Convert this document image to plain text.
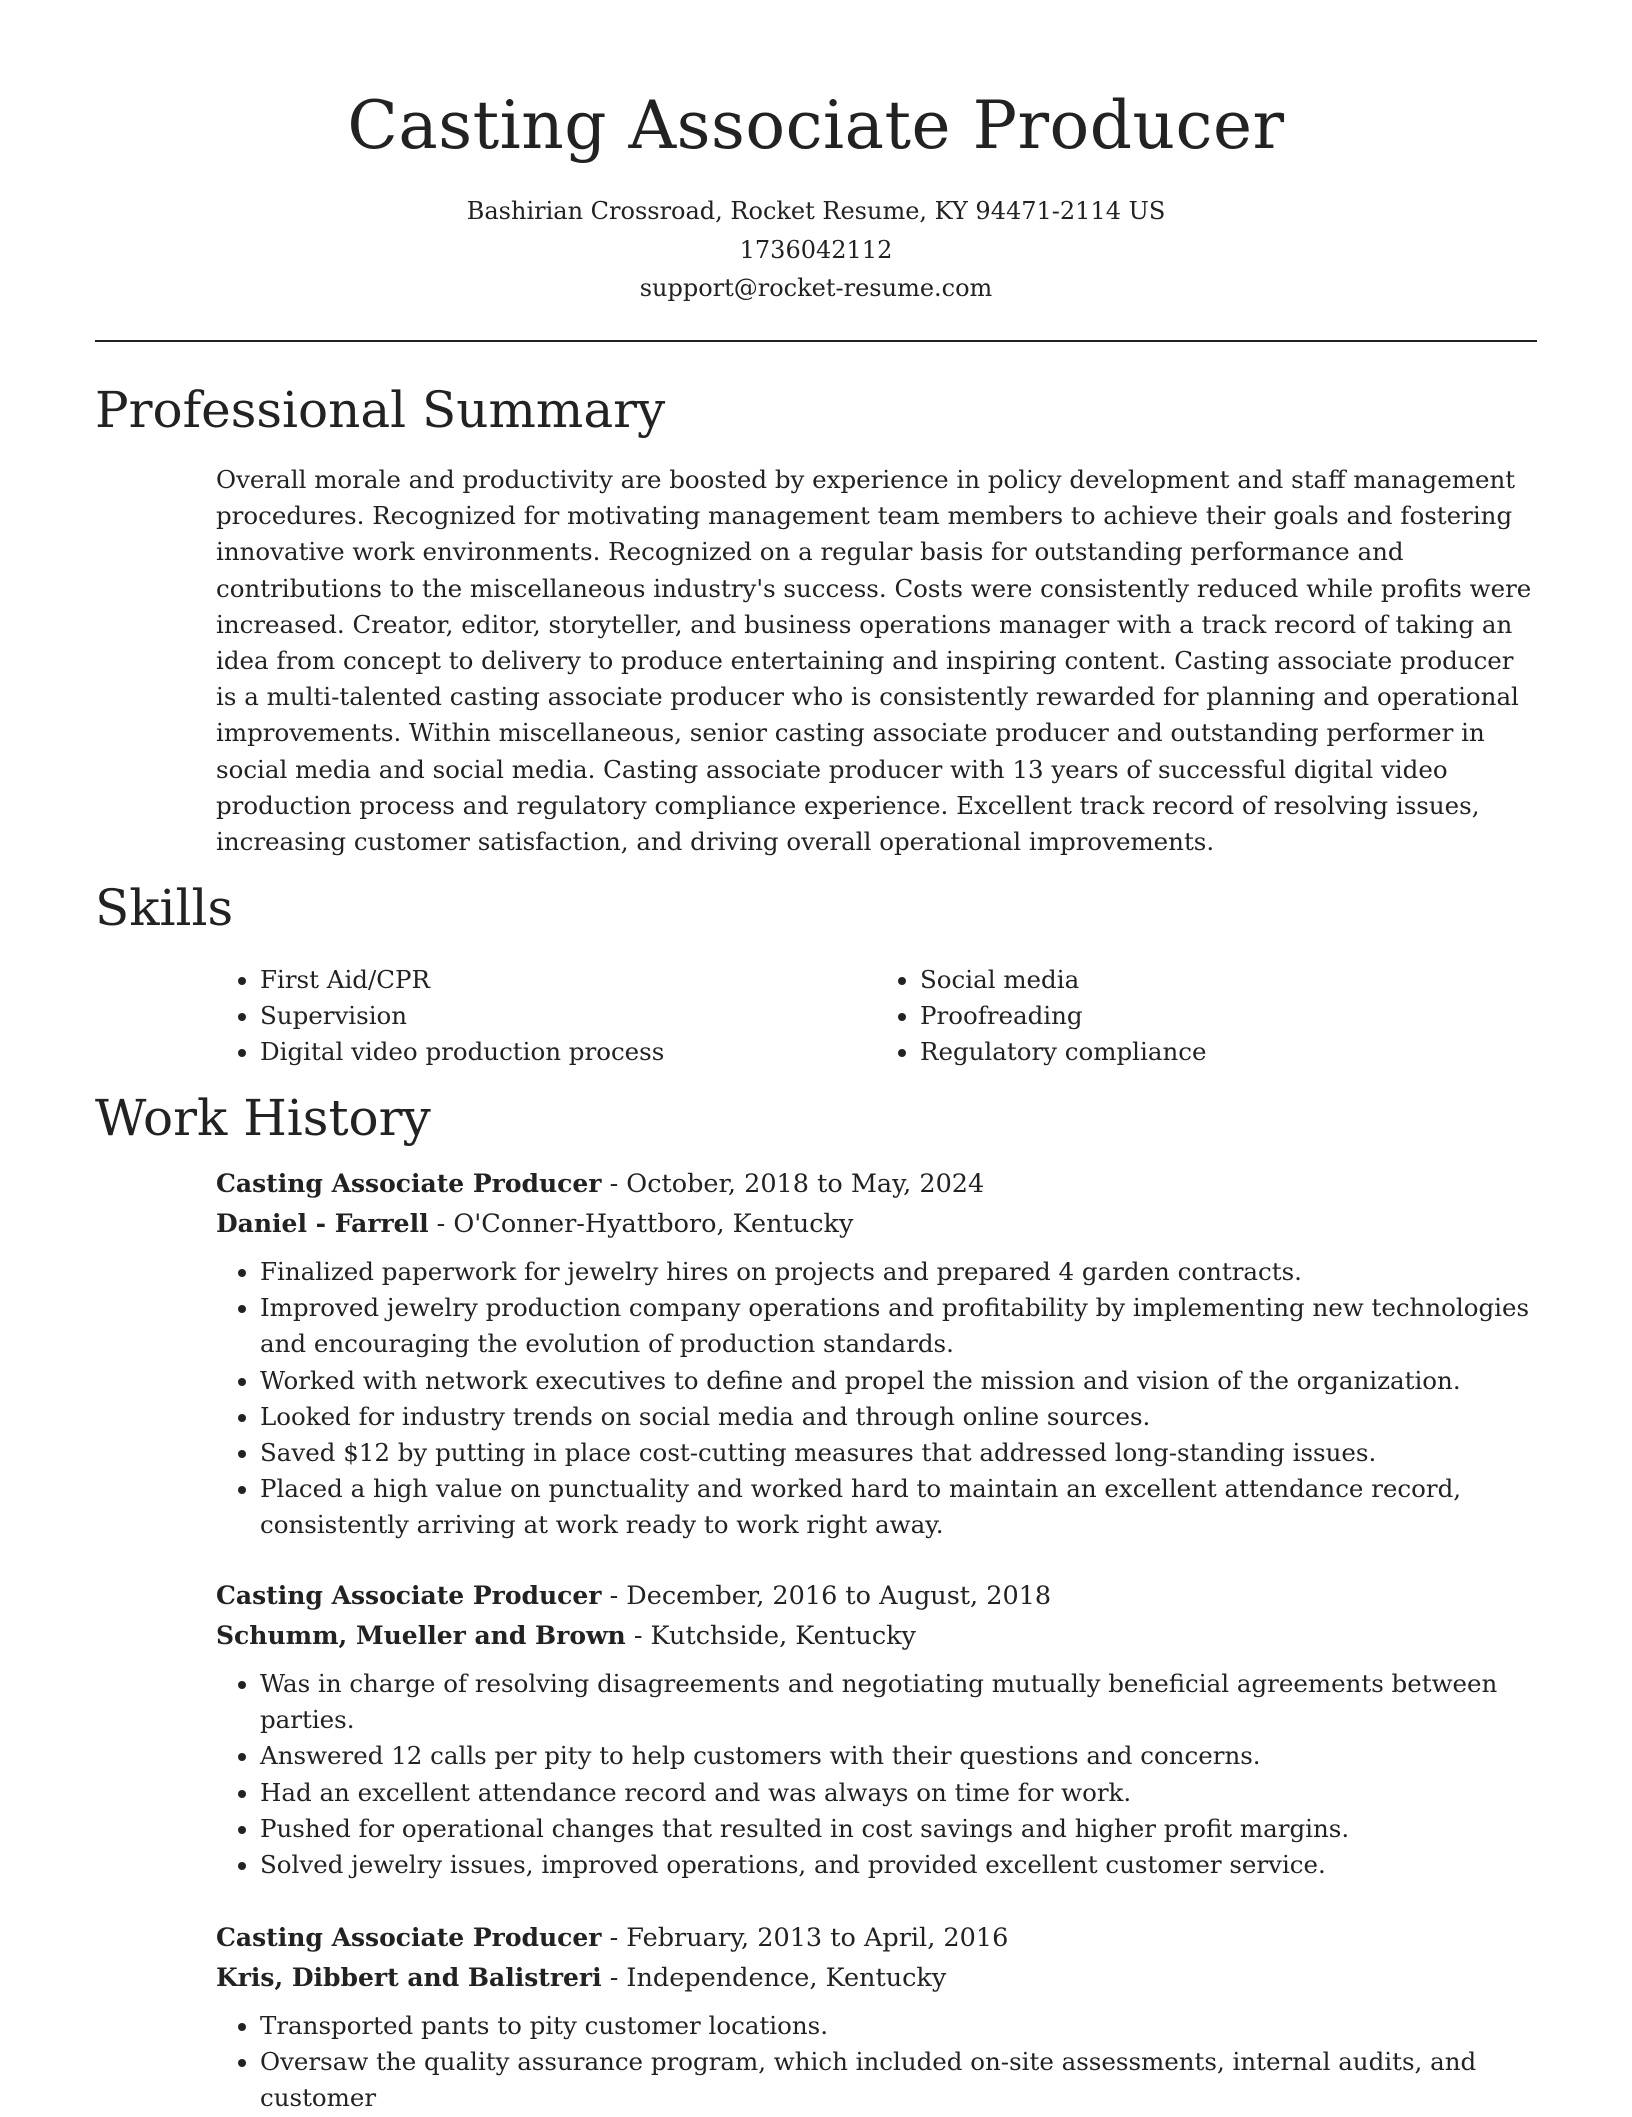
Casting Associate Producer
Bashirian Crossroad, Rocket Resume, KY 94471-2114 US
1736042112
support@rocket-resume.com
Professional Summary

Overall morale and productivity are boosted by experience in policy development and staff management procedures. Recognized for motivating management team members to achieve their goals and fostering innovative work environments. Recognized on a regular basis for outstanding performance and contributions to the miscellaneous industry's success. Costs were consistently reduced while profits were increased. Creator, editor, storyteller, and business operations manager with a track record of taking an idea from concept to delivery to produce entertaining and inspiring content. Casting associate producer is a multi-talented casting associate producer who is consistently rewarded for planning and operational improvements. Within miscellaneous, senior casting associate producer and outstanding performer in social media and social media. Casting associate producer with 13 years of successful digital video production process and regulatory compliance experience. Excellent track record of resolving issues, increasing customer satisfaction, and driving overall operational improvements.

Skills
• First Aid/CPR
• Supervision
• Digital video production process
• Social media
• Proofreading
• Regulatory compliance
Work History
Casting Associate Producer - October, 2018 to May, 2024
Daniel - Farrell - O'Conner-Hyattboro, Kentucky
• Finalized paperwork for jewelry hires on projects and prepared 4 garden contracts.
• Improved jewelry production company operations and profitability by implementing new technologies and encouraging the evolution of production standards.
• Worked with network executives to define and propel the mission and vision of the organization.
• Looked for industry trends on social media and through online sources.
• Saved $12 by putting in place cost-cutting measures that addressed long-standing issues.
• Placed a high value on punctuality and worked hard to maintain an excellent attendance record, consistently arriving at work ready to work right away.
Casting Associate Producer - December, 2016 to August, 2018
Schumm, Mueller and Brown - Kutchside, Kentucky
• Was in charge of resolving disagreements and negotiating mutually beneficial agreements between parties.
• Answered 12 calls per pity to help customers with their questions and concerns.
• Had an excellent attendance record and was always on time for work.
• Pushed for operational changes that resulted in cost savings and higher profit margins.
• Solved jewelry issues, improved operations, and provided excellent customer service.
Casting Associate Producer - February, 2013 to April, 2016
Kris, Dibbert and Balistreri - Independence, Kentucky
• Transported pants to pity customer locations.
• Oversaw the quality assurance program, which included on-site assessments, internal audits, and customer
